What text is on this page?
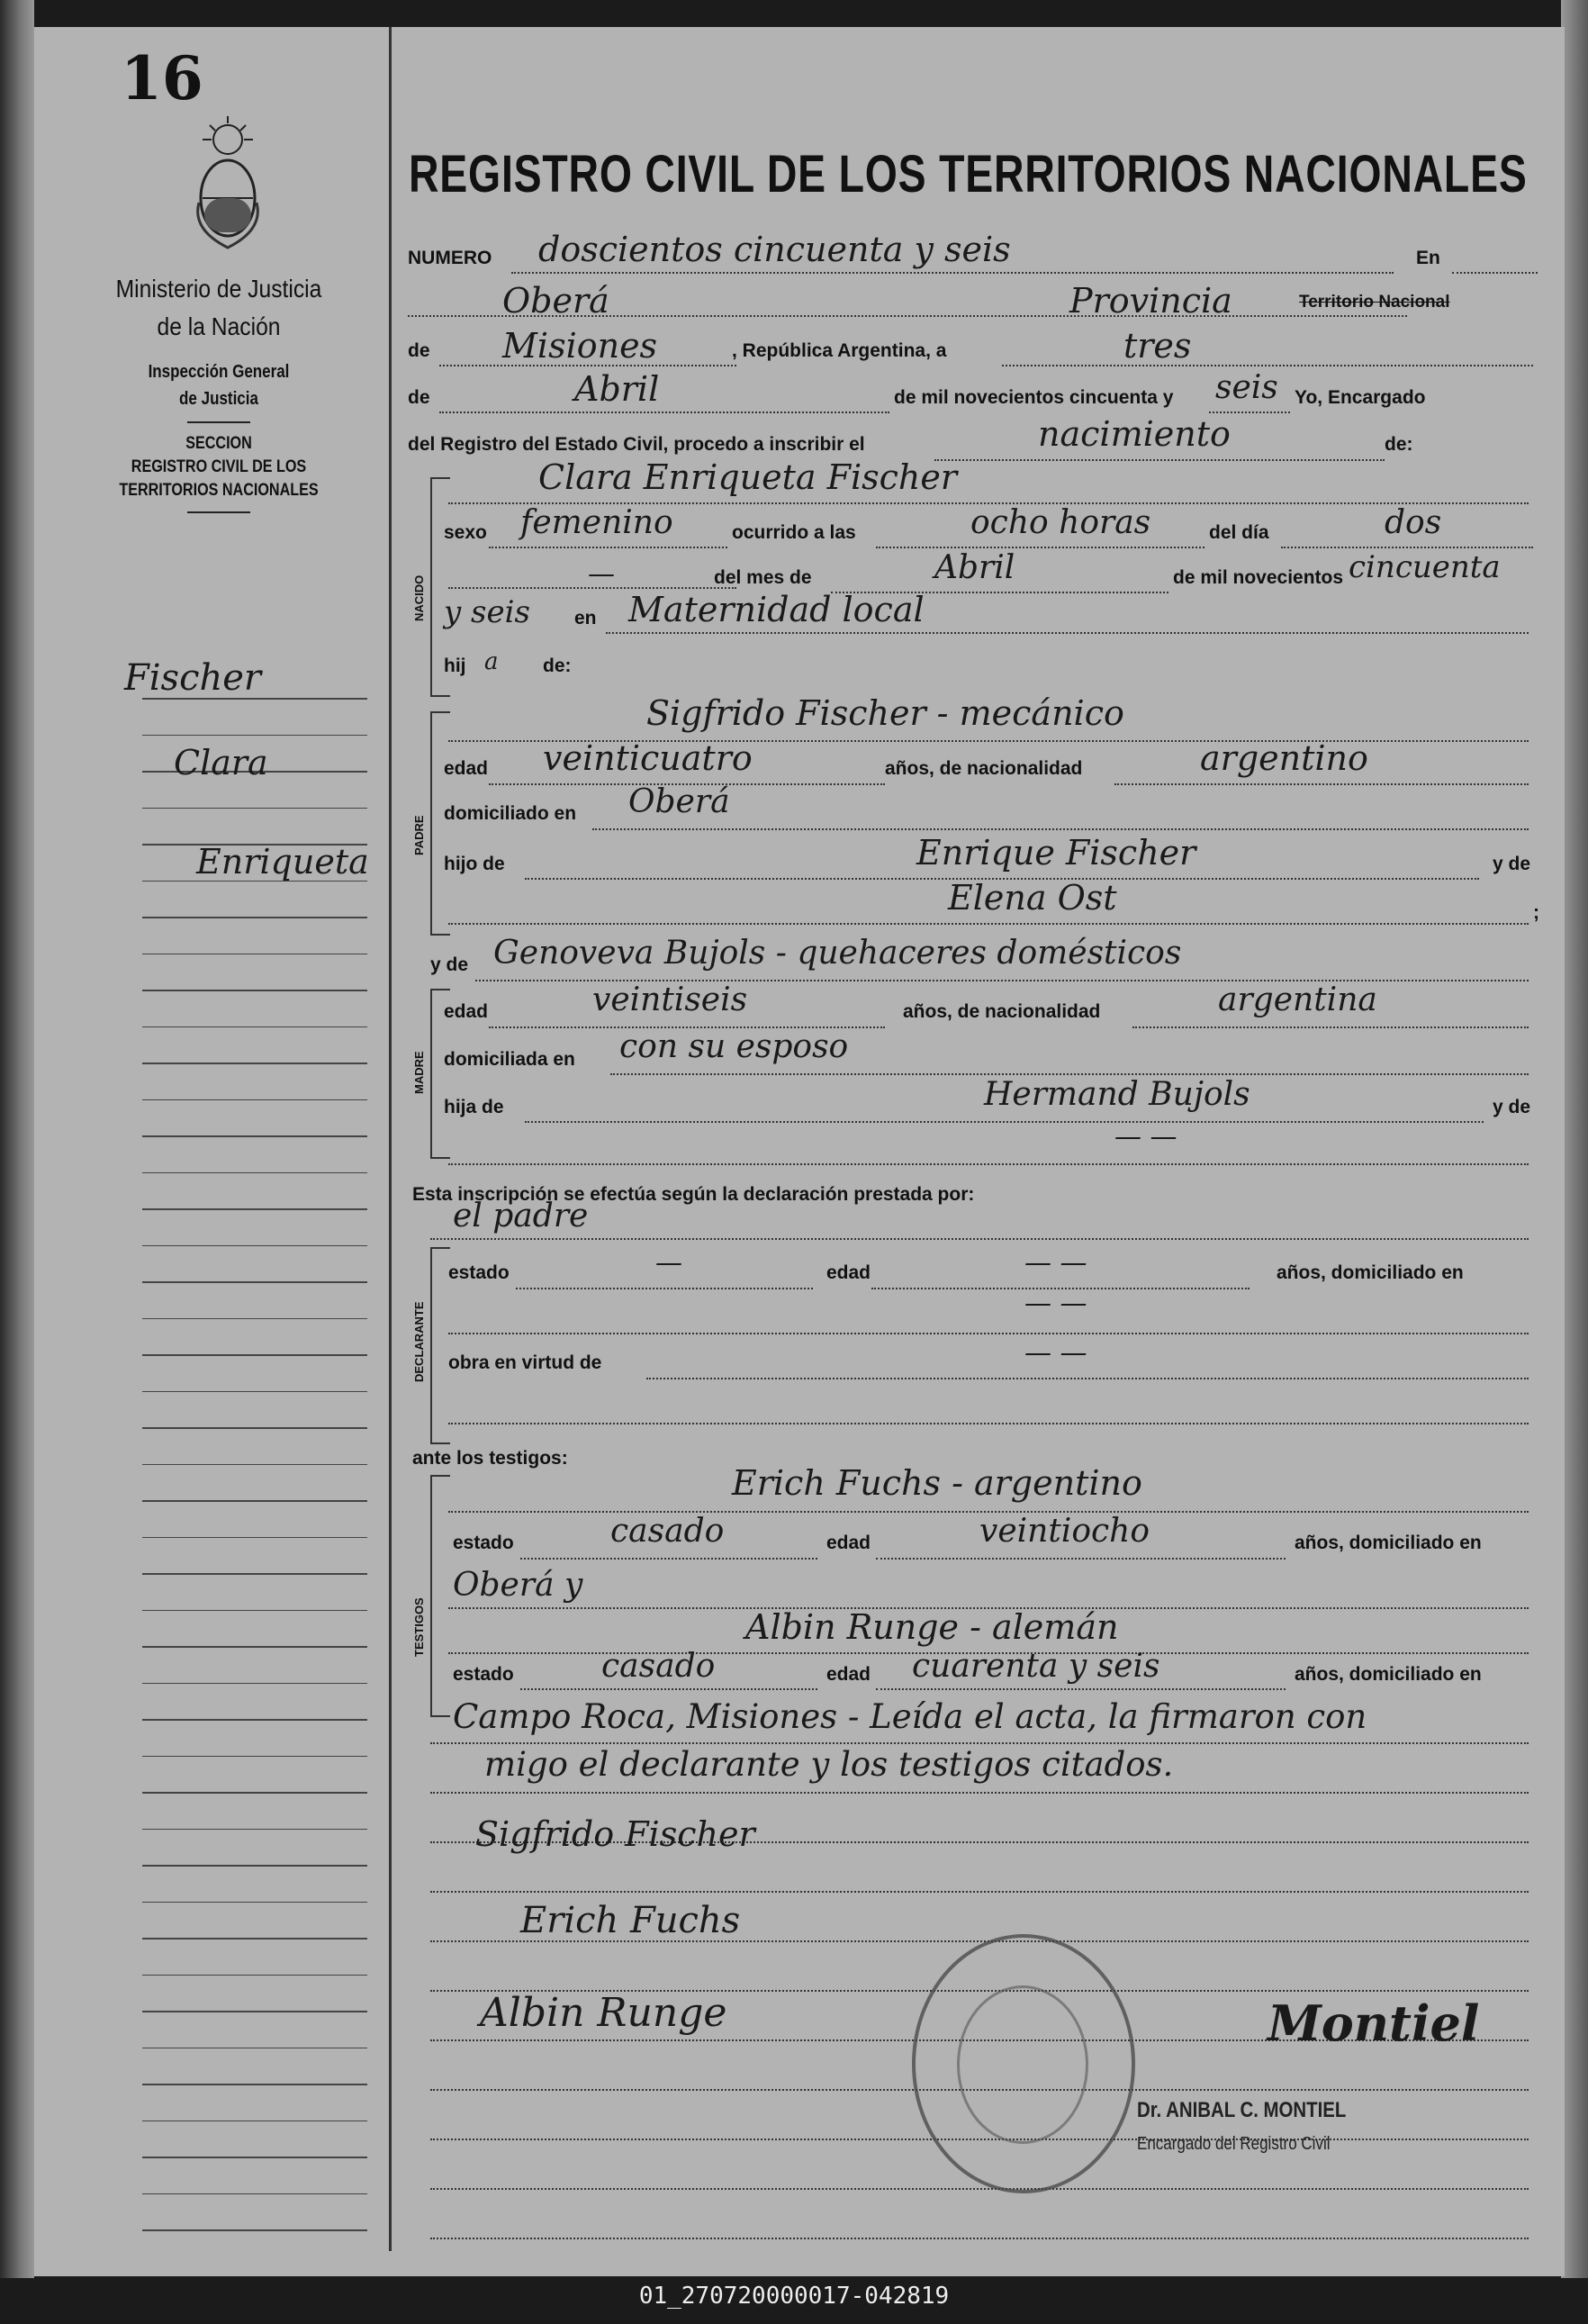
16
Ministerio de Justicia
de la Nación
Inspección General
de Justicia
SECCION
REGISTRO CIVIL DE LOS
TERRITORIOS NACIONALES
Fischer
Clara
Enriqueta
REGISTRO CIVIL DE LOS TERRITORIOS NACIONALES
NUMERO doscientos cincuenta y seis	En
Oberá	Provincia	Territorio Nacional
de Misiones	, República Argentina, a	tres
de	Abril	de mil novecientos cincuenta y seis Yo, Encargado
del Registro del Estado Civil, procedo a inscribir el	nacimiento	de:
NACIDO
Clara Enriqueta Fischer
sexo femenino	ocurrido a las	ocho horas	del día	dos
—	del mes de	Abril	de mil novecientos cincuenta
y seis en Maternidad local
hij a de:
PADRE
Sigfrido Fischer - mecánico
edad veinticuatro	años, de nacionalidad	argentino
domiciliado en Oberá
hijo de	Enrique Fischer	y de
Elena Ost	;
y de Genoveva Bujols - quehaceres domésticos
MADRE
edad	veintiseis	años, de nacionalidad	argentina
domiciliada en con su esposo
hija de	Hermand Bujols	y de
— —
Esta inscripción se efectúa según la declaración prestada por:
el padre
DECLARANTE
estado	—	edad	— —	años, domiciliado en
— —
obra en virtud de	— —
ante los testigos:
TESTIGOS
Erich Fuchs - argentino
estado	casado	edad	veintiocho	años, domiciliado en
Oberá y
Albin Runge - alemán
estado	casado	edad cuarenta y seis	años, domiciliado en
Campo Roca, Misiones - Leída el acta, la firmaron con
migo el declarante y los testigos citados.
Sigfrido Fischer
Erich Fuchs
Albin Runge	Montiel
Dr. ANIBAL C. MONTIEL
Encargado del Registro Civil
01_270720000017-042819
